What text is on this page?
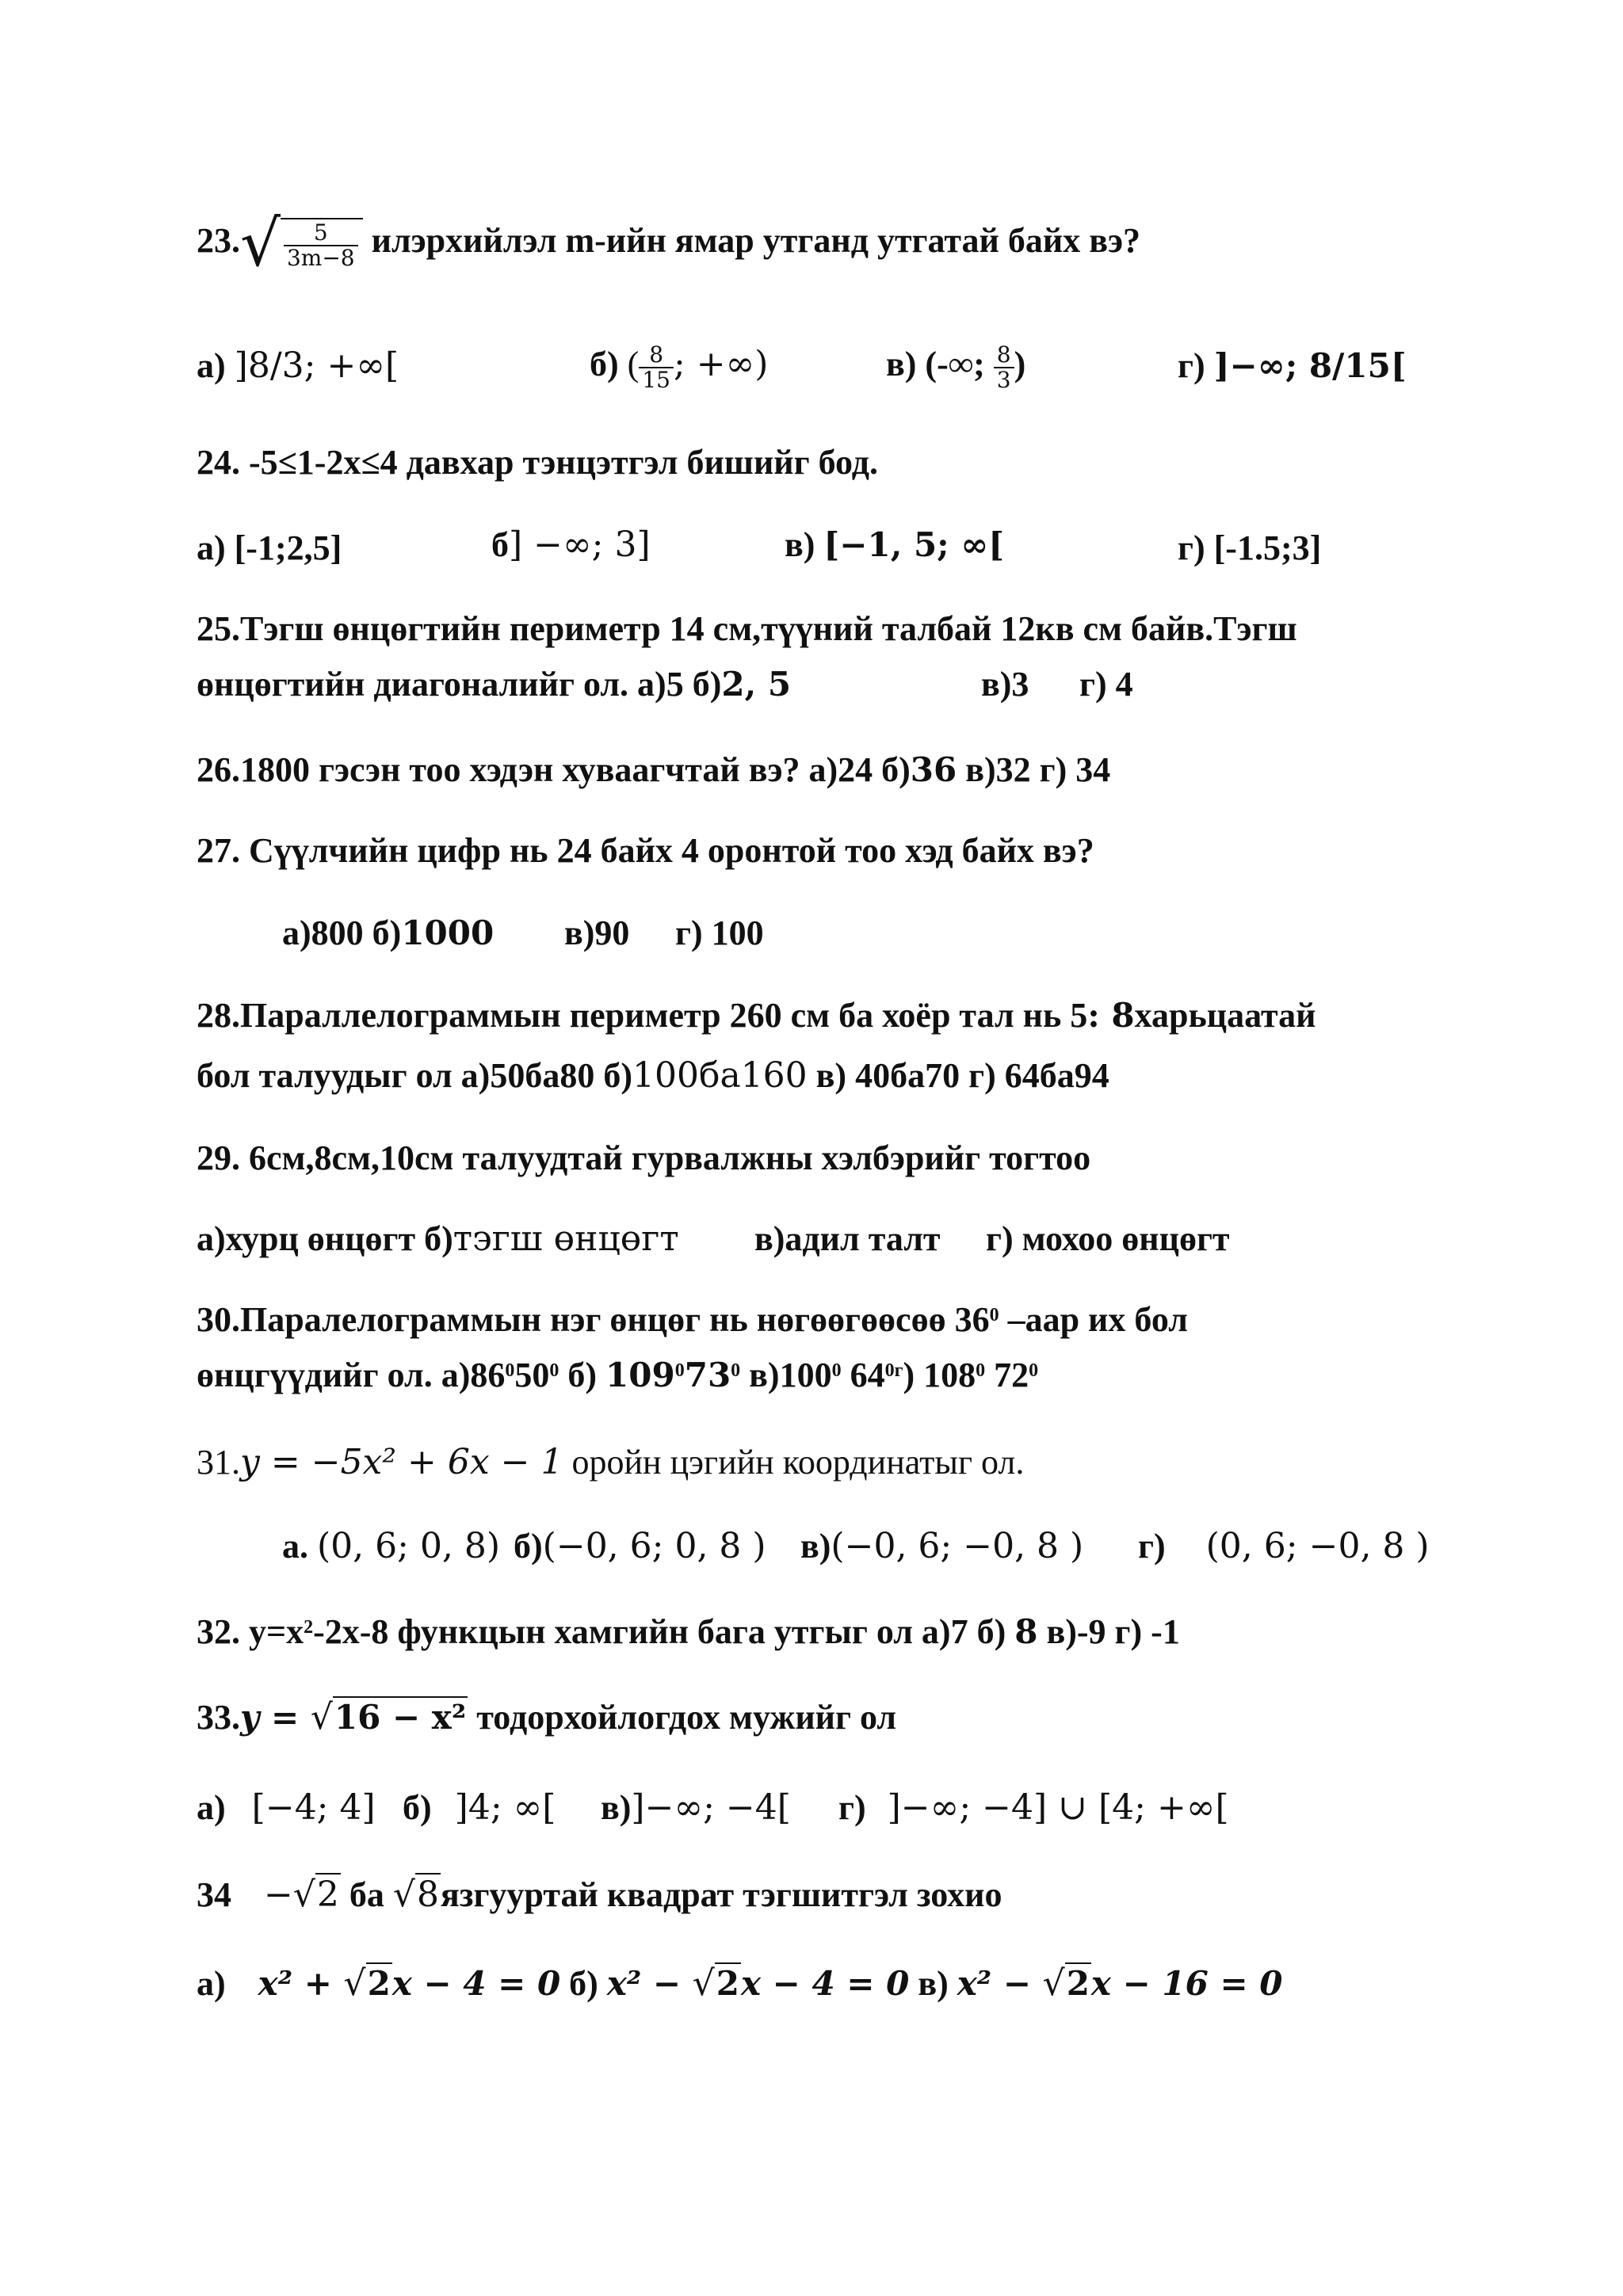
23. √ $\frac{5}{3m-8}$ илэрхийлэл m-ийн ямар утганд утгатай байх вэ?
а) ]8/3; +∞[	б) ( $\frac{8}{15}$ ; +∞)	в) (-∞; $\frac{8}{3}$ )	г) ]−∞; 8/15[
24. -5≤1-2x≤4 давхар тэнцэтгэл бишийг бод.
а) [-1;2,5]	б] −∞; 3]	в) [−1, 5; ∞[	г) [-1.5;3]
25.Тэгш өнцөгтийн периметр 14 см,түүний талбай 12кв см байв.Тэгш
өнцөгтийн диагоналийг ол. а)5 б)2, 5	в)3 г) 4
26.1800 гэсэн тоо хэдэн хуваагчтай вэ? а)24 б)36 в)32 г) 34
27. Сүүлчийн цифр нь 24 байх 4 оронтой тоо хэд байх вэ?
а)800 б)1000 в)90 г) 100
28.Параллелограммын периметр 260 см ба хоёр тал нь 5: 8харьцаатай
бол талуудыг ол а)50ба80 б)100ба160 в) 40ба70 г) 64ба94
29. 6см,8см,10см талуудтай гурвалжны хэлбэрийг тогтоо
а)хурц өнцөгт б)тэгш өнцөгт в)адил талт г) мохоо өнцөгт
30.Паралелограммын нэг өнцөг нь нөгөөгөөсөө $36^0$ –аар их бол
өнцгүүдийг ол. $а)86^050^0$ б) $109^073^0$ $в)100^0$ $64^{0г}$) $108^0$ $72^0$
31.y = −5x² + 6x − 1 оройн цэгийн координатыг ол.
а. (0, 6; 0, 8) б)(−0, 6; 0, 8 ) в)(−0, 6; −0, 8 ) г) (0, 6; −0, 8 )
32. $y=x^2-2x-8$ функцын хамгийн бага утгыг ол а)7 б) 8 в)-9 г) -1
33.y = √16 − x² тодорхойлогдох мужийг ол
а) [−4; 4] б) ]4; ∞[ в)]−∞; −4[ г) ]−∞; −4] ∪ [4; +∞[
34 −√2 ба √8язгууртай квадрат тэгшитгэл зохио
а) x² + √2x − 4 = 0 б) x² − √2x − 4 = 0 в) x² − √2x − 16 = 0
